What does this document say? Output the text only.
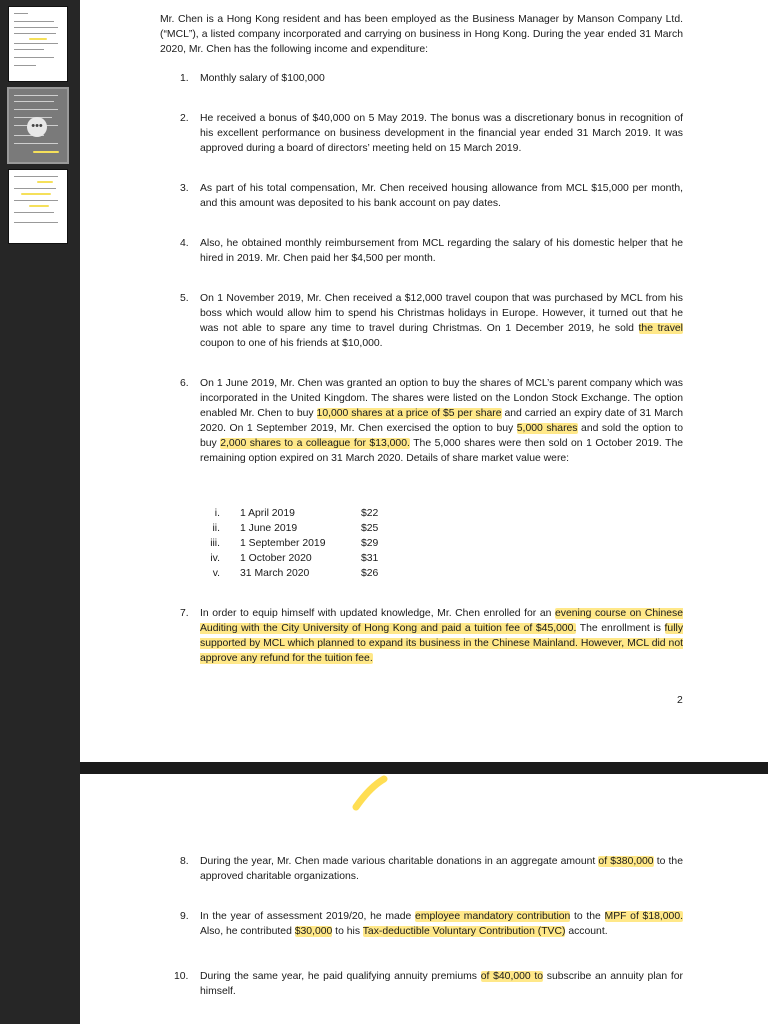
•••
Mr. Chen is a Hong Kong resident and has been employed as the Business Manager by Manson Company Ltd. (“MCL”), a listed company incorporated and carrying on business in Hong Kong. During the year ended 31 March 2020, Mr. Chen has the following income and expenditure:
1.	Monthly salary of $100,000
2.	He received a bonus of $40,000 on 5 May 2019. The bonus was a discretionary bonus in recognition of his excellent performance on business development in the financial year ended 31 March 2019. It was approved during a board of directors’ meeting held on 15 March 2019.
3.	As part of his total compensation, Mr. Chen received housing allowance from MCL $15,000 per month, and this amount was deposited to his bank account on pay dates.
4.	Also, he obtained monthly reimbursement from MCL regarding the salary of his domestic helper that he hired in 2019. Mr. Chen paid her $4,500 per month.
5.	On 1 November 2019, Mr. Chen received a $12,000 travel coupon that was purchased by MCL from his boss which would allow him to spend his Christmas holidays in Europe. However, it turned out that he was not able to spare any time to travel during Christmas. On 1 December 2019, he sold the travel coupon to one of his friends at $10,000.
6.	On 1 June 2019, Mr. Chen was granted an option to buy the shares of MCL’s parent company which was incorporated in the United Kingdom. The shares were listed on the London Stock Exchange. The option enabled Mr. Chen to buy 10,000 shares at a price of $5 per share and carried an expiry date of 31 March 2020. On 1 September 2019, Mr. Chen exercised the option to buy 5,000 shares and sold the option to buy 2,000 shares to a colleague for $13,000. The 5,000 shares were then sold on 1 October 2019. The remaining option expired on 31 March 2020. Details of share market value were:
i. 1 April 2019	$22
ii. 1 June 2019	$25
iii. 1 September 2019	$29
iv. 1 October 2020	$31
v. 31 March 2020	$26
7.	In order to equip himself with updated knowledge, Mr. Chen enrolled for an evening course on Chinese Auditing with the City University of Hong Kong and paid a tuition fee of $45,000. The enrollment is fully supported by MCL which planned to expand its business in the Chinese Mainland. However, MCL did not approve any refund for the tuition fee.
2
8.	During the year, Mr. Chen made various charitable donations in an aggregate amount of $380,000 to the approved charitable organizations.
9.	In the year of assessment 2019/20, he made employee mandatory contribution to the MPF of $18,000. Also, he contributed $30,000 to his Tax-deductible Voluntary Contribution (TVC) account.
10.	During the same year, he paid qualifying annuity premiums of $40,000 to subscribe an annuity plan for himself.
